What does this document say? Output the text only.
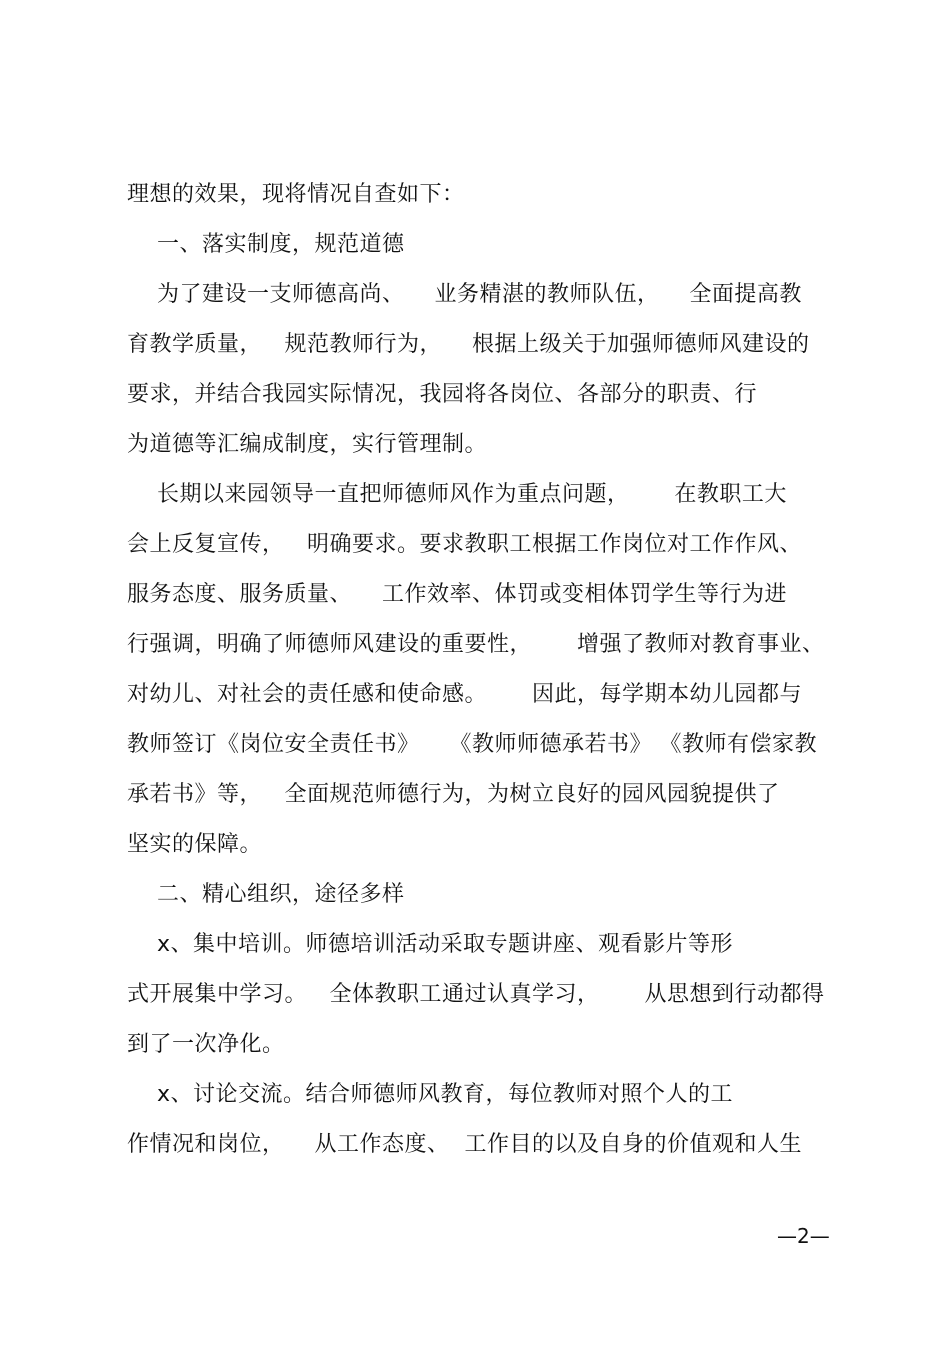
理想的效果，现将情况自查如下：
一、落实制度，规范道德
为了建设一支师德高尚、    业务精湛的教师队伍，    全面提高教
育教学质量，   规范教师行为，    根据上级关于加强师德师风建设的
要求，并结合我园实际情况，我园将各岗位、各部分的职责、行
为道德等汇编成制度，实行管理制。
长期以来园领导一直把师德师风作为重点问题，      在教职工大
会上反复宣传，   明确要求。要求教职工根据工作岗位对工作作风、
服务态度、服务质量、    工作效率、体罚或变相体罚学生等行为进
行强调，明确了师德师风建设的重要性，      增强了教师对教育事业、
对幼儿、对社会的责任感和使命感。      因此，每学期本幼儿园都与
教师签订《岗位安全责任书》    《教师师德承若书》 《教师有偿家教
承若书》等，   全面规范师德行为，为树立良好的园风园貌提供了
坚实的保障。
二、精心组织，途径多样
x、集中培训。师德培训活动采取专题讲座、观看影片等形
式开展集中学习。   全体教职工通过认真学习，      从思想到行动都得
到了一次净化。
x、讨论交流。结合师德师风教育，每位教师对照个人的工
作情况和岗位，    从工作态度、  工作目的以及自身的价值观和人生
—2—
